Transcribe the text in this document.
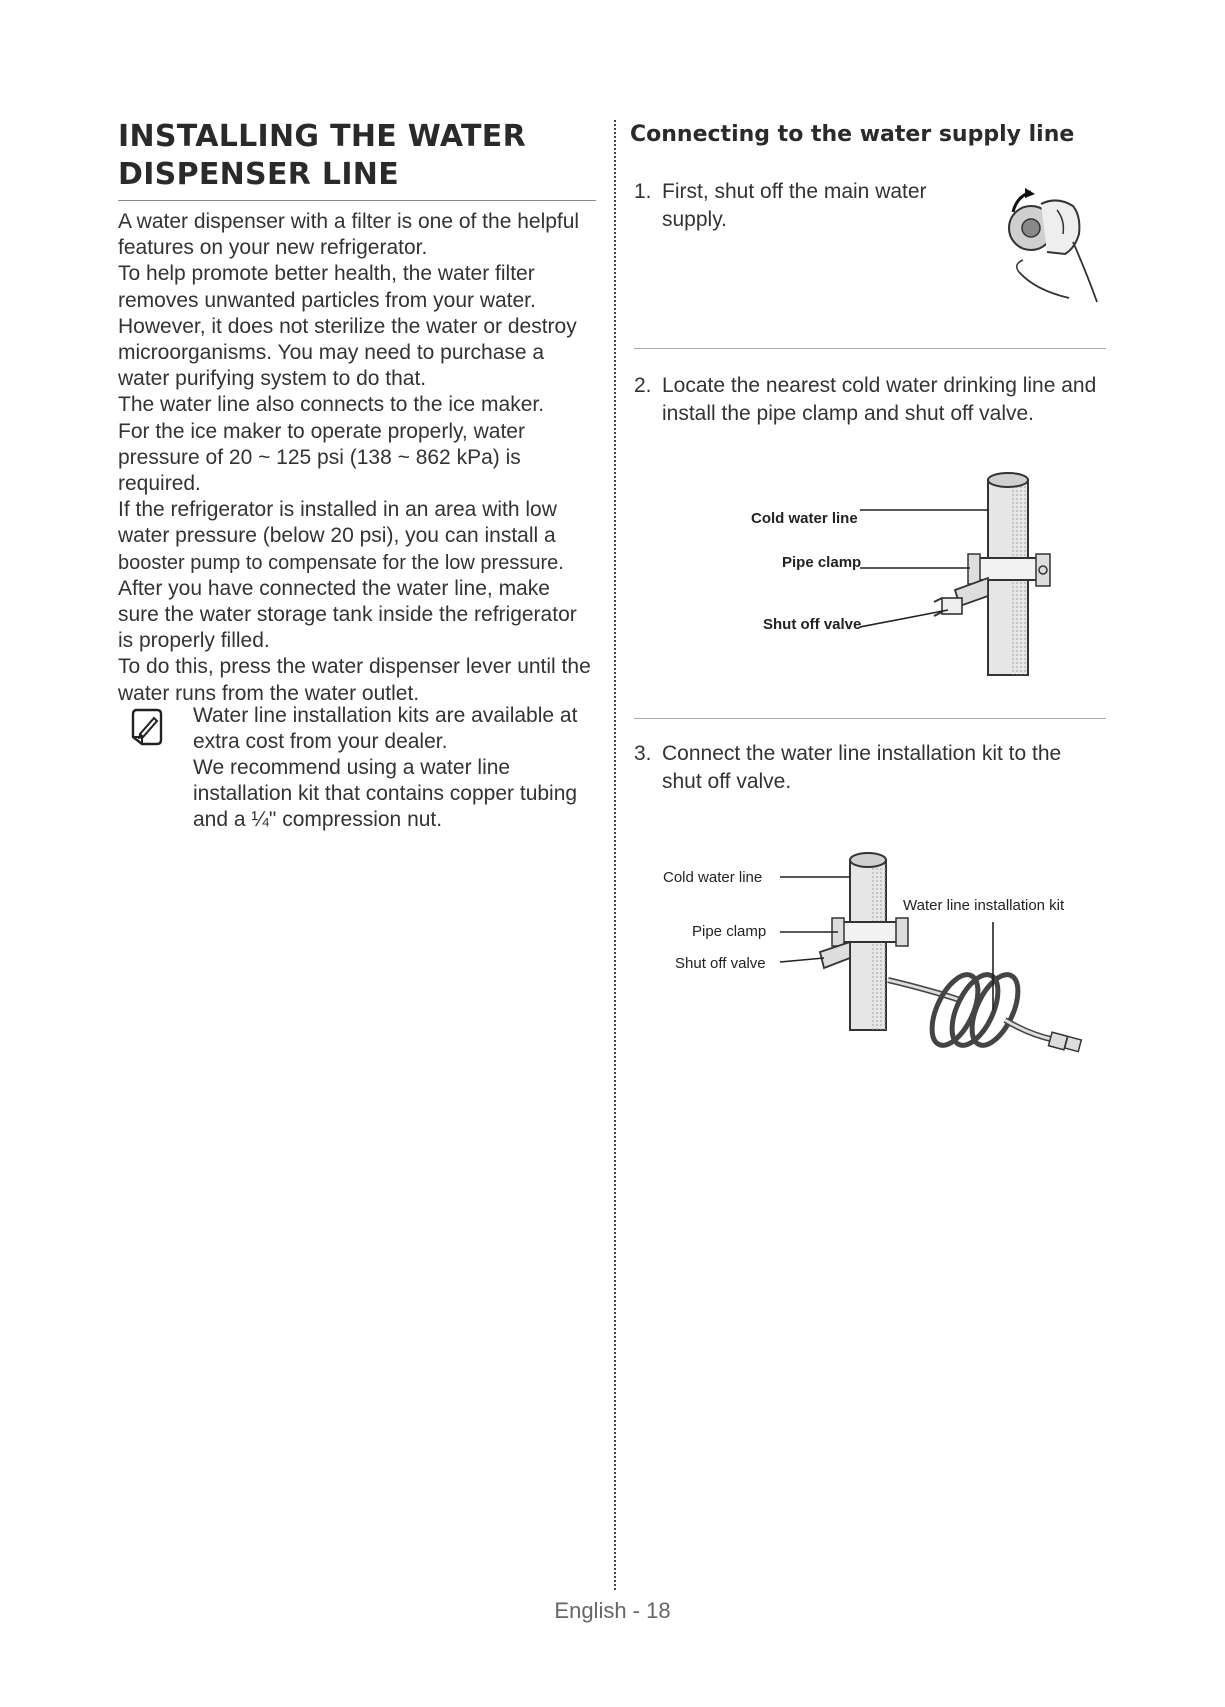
INSTALLING THE WATER
DISPENSER LINE

A water dispenser with a filter is one of the helpful

features on your new refrigerator.

To help promote better health, the water filter

removes unwanted particles from your water.

However, it does not sterilize the water or destroy

microorganisms. You may need to purchase a

water purifying system to do that.

The water line also connects to the ice maker.

For the ice maker to operate properly, water

pressure of 20 ~ 125 psi (138 ~ 862 kPa) is

required.

If the refrigerator is installed in an area with low

water pressure (below 20 psi), you can install a

booster pump to compensate for the low pressure.

After you have connected the water line, make

sure the water storage tank inside the refrigerator

is properly filled.

To do this, press the water dispenser lever until the

water runs from the water outlet.

Water line installation kits are available at

extra cost from your dealer.

We recommend using a water line

installation kit that contains copper tubing

and a ¼" compression nut.

Connecting to the water supply line
1. First, shut off the main water
supply.
2. Locate the nearest cold water drinking line and
install the pipe clamp and shut off valve.
Cold water line
Pipe clamp
Shut off valve
3. Connect the water line installation kit to the
shut off valve.
Cold water line
Water line installation kit
Pipe clamp
Shut off valve
English - 18
